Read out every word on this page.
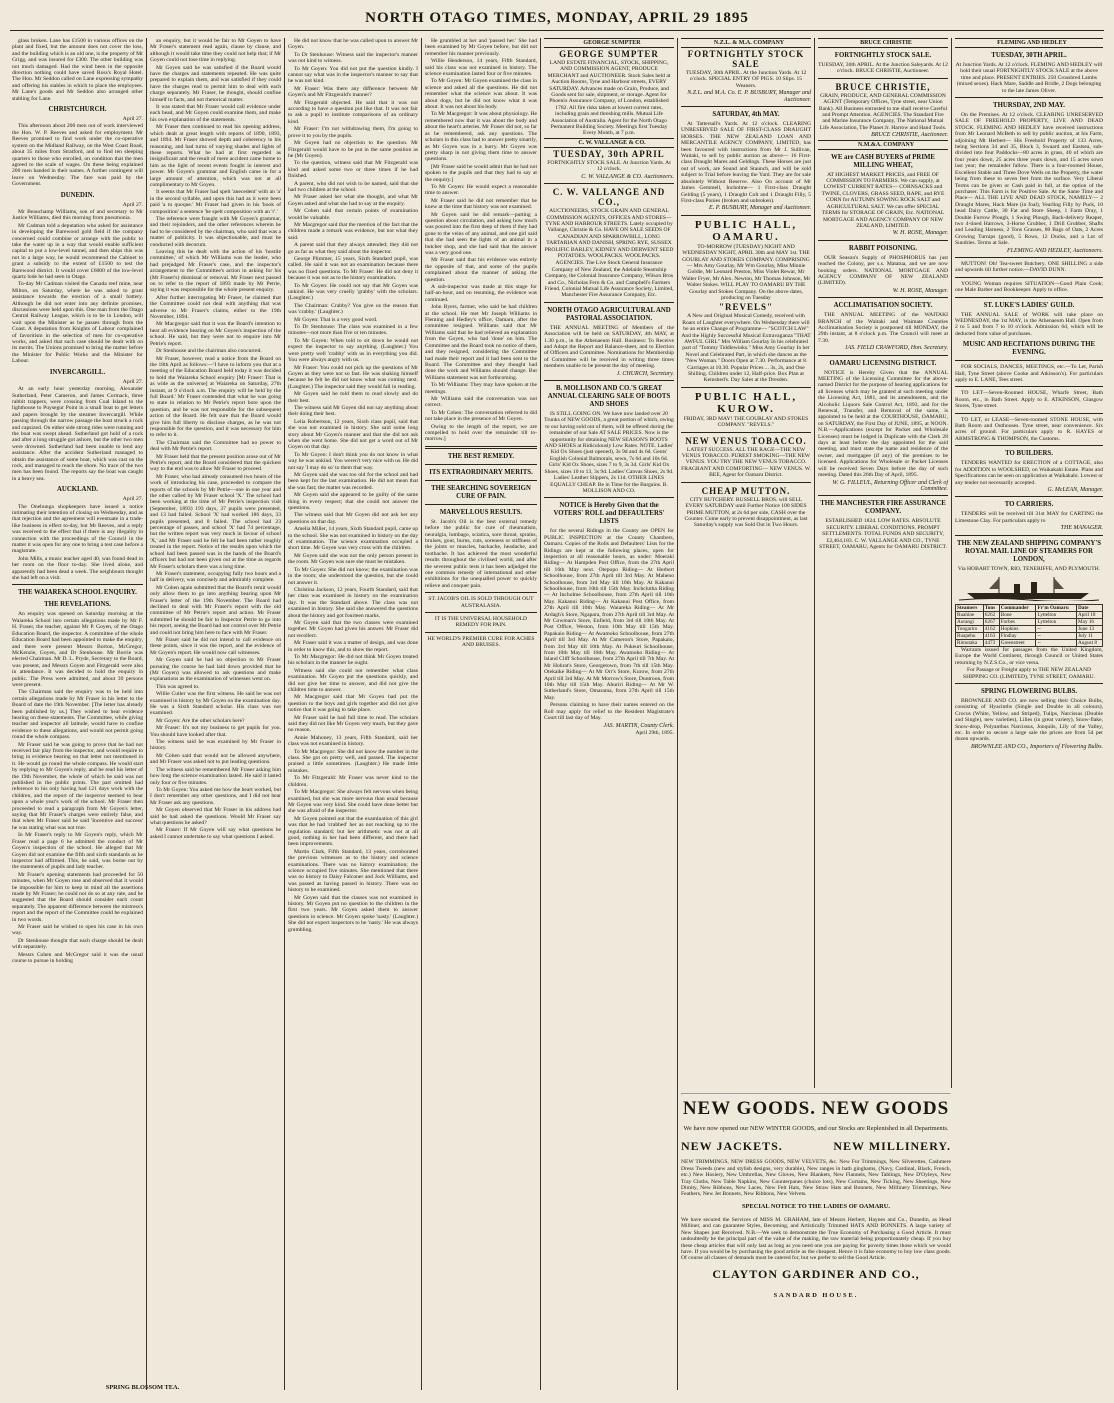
NORTH OTAGO TIMES, MONDAY, APRIL 29 1895

glass broken. Lane has £1500 in various offices on the plant and fixed, but the amount does not cover the loss, and the building which is an old one, is the property of Mr Grigg, and was insured for £300. The other building was not much damaged. Had the wind been in the opposite direction nothing could have saved Ross's Royal Hotel. The Hon. Mr Seddon called on Lane expressing sympathy and offering his stables in which to place the employees. Mr Lane's goods and Mr Seddon also arranged other stabling for Lane.

CHRISTCHURCH.

April 27.

This afternoon about 200 men out of work interviewed the Hon. W. P. Reeves and asked for employment. Mr Reeves promised to find work under the co-operative system on the Midland Railway, on the West Coast Road, about 35 miles from Stratford, and to find ten sleeping quarters to those who enrolled, on condition that the men agreed to the scale of wages. On these being explained 200 men handed in their names. A further contingent will leave on Wednesday. The fare was paid by the Government.

DUNEDIN.

April 27.

Mr Beauchamp Williams, son of and secretary to Mr Justice Williams, died this morning from pneumonia.

Mr Cadman told a deputation who asked for assistance in developing the Barewood gold field if the company concerned could combine or arrange with the public to take the water up in a way that would enable sufficient capital to put a low-level tunnel, and then ships this was not in a large way, he would recommend the Cabinet to grant a subsidy to the extent of £1500 to test the Barewood district. It would cover £6000 of the low-level quartz lode he had seen in Otago.

To-day Mr Cadman visited the Canada reef mine, near Milton, on Saturday, where he was asked to grant assistance towards the erection of a small battery. Although he did not enter into any definite promises, discussions were held upon this. One man from the Otago Central Railway League, which is to be in London, will wait upon the Minister as he passes through from the Coast. A deputation from Knights of Labour complained of favoritism in the selection of men for co-operative works, and asked that such case should be dealt with on its merits. The Unions promised to bring the matter before the Minister for Public Works and the Minister for Labour.

INVERCARGILL.

April 27.

At an early hour yesterday morning, Alexander Sutherland, Peter Cameron, and James Cormack, three rabbit trappers, were crossing from Coal Island to the lighthouse to Puysegur Point in a small boat to get letters and papers brought by the steamer Invercargill. While passing through the narrow passage the boat struck a rock and capsized. On either side strong tides were running and the boat was swept ahead. Sutherland got hold of a rock and after a long struggle got ashore, but the other two men were drowned. Sutherland had been unable to lend any assistance. After the accident Sutherland managed to obtain the assistance of some boat, which was cast on the rock, and managed to reach the shore. No trace of the two men has been found. The reports say the boat was caught in a heavy sea.

AUCKLAND.

April 27.

The Onehunga shopkeepers have issued a notice intimating their intention of closing on Wednesday, and as that rejection and the agreement will eventuate in a trade-like business in effect to-day, but Mr Reeves, and a reply was received to the effect that if there is any illegality in connection with the proceedings of the Council in the matter it was open for any one to bring a test case before a magistrate.

John Mills, a music teacher aged 40, was found dead in her room on the floor to-day. She lived alone, and apparently had been dead a week. The neighbours thought she had left on a visit.

THE WAIAREKA SCHOOL ENQUIRY.

THE REVELATIONS.

An enquiry was opened on Saturday morning at the Waiareka School into certain allegations made by Mr F. H. Fraser, the teacher, against Mr P. Goyen, of the Otago Education Board, the inspector. A committee of the whole Education Board had been appointed to make the enquiry, and there were present Messrs Borton, McGregor, McKenzie, Goyen, and Dr Stenhouse. Mr Borrie was elected Chairman. Mr D. L. Pryde, Secretary to the Board, was present, and Messrs Goyen and Fitzgerald were also in attendance. It was decided to hold the enquiry in public. The Press were admitted, and about 30 persons were present.

The Chairman said the enquiry was to be held into certain allegations made by Mr Fraser in his letter to the Board of date the 19th November. [The letter has already been published by us.] They wished to hear evidence bearing on these statements. The Committee, while giving teacher and inspector all latitude, would have to confine evidence to these allegations, and would not permit going round the whole compass.

Mr Fraser said he was going to prove that he had not received fair play from the inspector, and would require to bring in evidence bearing on that letter not mentioned in it. He would go round the whole compass. He would start by replying to Mr Goyen's reply, and he read his letter of the 19th November, the whole of which he said was not published in the public prints. The part omitted had reference to his only having had 121 days work with the children, and the report of the inspector seemed to bear upon a whole year's work of the school. Mr Fraser then proceeded to read a paragraph from Mr Goyen's letter, saying that Mr Fraser's charges were entirely false, and that when Mr Fraser said he said 'Incentive and success' he was stating what was not true.

In Mr Fraser's reply to Mr Goyen's reply, which Mr Fraser read a page 6 he admitted the conduct of Mr Goyen's inspection of the school. He alleged that Mr Goyen did not examine the fifth and sixth standards as he inspector had affirmed. This, he said, was borne out by the statements of pupils and lady teacher.

Mr Fraser's opening statements had proceeded for 50 minutes, when Mr Goyen rose and observed that it would be impossible for him to keep in mind all the assertions made by Mr Fraser; he could not do so at any rate, and he suggested that the Board should consider each count separately. The apparent difference between the mistress's report and the report of the Committee could be explained in two words.

Mr Fraser said he wished to open his case in his own way.

Dr Stenhouse thought that each charge should be dealt with separately.

Messrs Cohen and McGregor said it was the usual course to pursue in holding

SPRING BLOSSOM TEA.

an enquiry, but it would be fair to Mr Goyen to have Mr Fraser's statement read again, clause by clause, and although it would take time they could not help that; if Mr Goyen could not lose time in replying.

Mr Goyen said he was satisfied if the Board would have the charges and statements repeated. He was quite prepared to explain them, and was satisfied if they could have the charges read to permit him to deal with each charge separately. Mr Fraser, he thought, should confine himself to facts, and not rhetorical matter.

It was stated that Mr Fraser would call evidence under each head, and Mr Goyen could examine them, and make his own explanation of the statements.

Mr Fraser then continued to read his opening address, which dealt at great length with reports of 1890, 1893, and 1894. Mr Fraser showed depth and coherency in his reasoning, and had turns of varying shades and lights of these reports. What he had at first regarded as insignificant and the result of mere accident came home to him as the light of recent events fought in interest and power. Mr Goyen's grammar and English came in for a large amount of attention, which was not at all complimentary to Mr Goyen.

It seems that Mr Fraser had spelt 'anecedent' with an 'a' in the second syllable, and upon this had as it were been paid 'a tu quoque.' Mr Fraser had given in his 'book of composition' a sentence 'he spelt composition with an 'r'.'

The reference were fraught with Mr Goyen's grammar, and their rejoinders, and the other references wherein he had to be considered by the chairman, who said that was a matter of publicity. It was objectionable, and must be conducted with decorum.

Leaving this he dealt with the action of his 'hostile committee,' of which Mr Williams was the leader, who had prejudged Mr Fraser's case, and the inspector's arrangement to the Committee's action in asking for his (Mr Fraser's) dismissal or removal. Mr Fraser next passed on to refer to the report of 1893 made by Mr Petrie, saying it was responsible for the whole present enquiry.

After further interrogating Mr Fraser, he claimed that the Committee could not deal with anything that was adverse to Mr Fraser's claims, either to the 19th November, 1894.

Mr Macgregor said that it was the Board's intention to hear all evidence bearing on Mr Goyen's inspection of the school. He said, but they were not to enquire into Mr Petrie's report.

Dr Stenhouse and the chairman also concurred.

Mr Fraser, however, read a notice from the Board on the 18th April as follows:—'I have to inform you that at a meeting of the Education Board held today it was decided to hold the Waiareka School enquiry [Mr Fraser: That is as wide as the universe] at Waiareka on Saturday, 27th instant, at 9 o'clock a.m. The enquiry will be held by the full Board.' Mr Fraser contended that what he was going to state in relation to Mr Petrie's report bore upon the question, and he was not responsible for the subsequent action of the Board. He felt sure that the Board would give him full liberty to disclose charges, as he was not responsible for the question, and it was necessary for him to refer to it.

The Chairman said the Committee had no power to deal with Mr Petrie's report.

Mr Fraser held that the present position arose out of Mr Petrie's report, and the Board considered that the quickest way to the end was to allow Mr Fraser to proceed.

Mr Fraser, who had already consumed two hours of the work of introducing his case, proceeded to compare the reports of the schools by Mr Petrie—one in one year and the other called by Mr Fraser school 'X.' The school had been working at the time of Mr Petrie's inspection visit (September, 1893) 193 days, 37 pupils were presented, and 13 had failed. School 'X' had worked 186 days, 33 pupils presented, and 8 failed. The school had 23 percentage of passes, and school 'X' had 74 percentage, but the written report was very much in favour of school 'X,' and Mr Fraser said he felt he had been rather roughly treated in the report. Notice of the results upon which the school had been passed was in the hands of the Board's officers but had not been given out at the time as regards Mr Fraser's scholars there was a long time.

Mr Fraser's statement, occupying fully two hours and a half in delivery, was concisely and admirably complete.

Mr Cohen again submitted that the Board's remit would only allow them to go into anything bearing upon Mr Fraser's letter of the 19th November. The Board had declined to deal with Mr Fraser's report with the old committee of Mr Petrie's report and action. Mr Fraser submitted he should be fair to Inspector Petrie to go into his report, seeing the Board had not control over Mr Petrie and could not bring him here to face with Mr Fraser.

Mr Fraser said he did not intend to call evidence on these points, since it was the report, and the evidence of Mr Goyen's report. He would now call witnesses.

Mr Goyen said he had no objection to Mr Fraser pursuing the course he had laid down provided that he (Mr Goyen) was allowed to ask questions and make explanations as the examination of witnesses went on.

This was agreed to.

Willie Cutler was the first witness. He said he was not examined in history by Mr Goyen on the examination day. He was a Sixth Standard scholar. His class was not examined.

Mr Goyen: Are the other scholars here?

Mr Fraser: It's not my business to get pupils for you. You should have looked after that.

The witness said he was examined by Mr Fraser in history.

Mr Cohen said that would not be allowed anywhere, and Mr Fraser was asked not to put leading questions.

The witness said he remembered Mr Fraser asking him how long the science examination lasted. He said it lasted only four or five minutes.

To Mr Goyen: You asked me how the heart worked, but I don't remember any other questions, and I did not hear Mr Fraser ask any questions.

Mr Goyen observed that Mr Fraser in his address had said he had asked the questions. Would Mr Fraser say what questions he asked?

Mr Fraser: If Mr Goyen will say what questions he asked I cannot undertake to say what questions I asked.

He did not know that he was called upon to answer Mr Goyen.

To Dr Stenhouse: Witness said the inspector's manner was not kind to witness.

To Mr Goyen: You did not put the question kindly. I cannot say what was in the inspector's manner to say that he was not kind.

Mr Fraser: Was there any difference between Mr Goyen's and Mr Fitzgerald's manner?

Mr Fitzgerald objected. He said that it was not according to have a question put like that. It was not fair to ask a pupil to institute comparisons of an ordinary kind.

Mr Fraser: I'm not withdrawing them, I'm going to prove it to you by the pupils.

Mr Goyen had no objection to the question. Mr Fitzgerald would have to be put in the same position as he (Mr Goyen).

To the question, witness said that Mr Fitzgerald was kind and asked some two or three times if he had finished.

A parent, who did not wish to be named, said that she had two children at the school.

Mr Fraser asked her what she thought, and what Mr Goyen asked and what she had to say at the enquiry.

Mr Cohen said that certain points of examination would be valuable.

Mr Macgregor said that the mention of the fact that the children made a remark was evidence, but not what they said.

A parent said that they always attended; they did not go as far as what they said about the inspector.

George Plimmer, 15 years, Sixth Standard pupil, was called. He said it was not an examination because there was no fixed questions. To Mr Fraser: He did not deny it because it was not as to the history examination.

To Mr Goyen: He could not say that Mr Goyen was unkind. He was very cruelly 'grabby' with the scholars. (Laughter.)

The Chairman: Crabby? You give us the reason that was 'crabby.' (Laughter.)

Mr Goyen: That is a very good word.

To Dr Stenhouse: The class was examined in a few minutes—not more than five or ten minutes.

To Mr Goyen: When told to sit down he would not expect the inspector to say anything. (Laughter.) You were pretty well 'crabby' with us in everything you did. You were always angry with us.

Mr Fraser: You could not pick up the questions of Mr Goyen as they were not so fast. He was shaking himself because he felt he did not know what was coming next. (Laughter.) The inspector said they would fail in reading.

Mr Goyen said he told them to read slowly and do their best.

The witness said Mr Goyen did not say anything about their doing their best.

Lelia Robertson, 12 years, Sixth class pupil, said that she was not examined in history. She said some long story about Mr Goyen's manner and that she did not ask when she went home. She did not get a word out of Mr Goyen on that day.

To Mr Goyen: I don't think you do not know in what way he was unkind. You weren't very nice with us. He did not say 'I may do so' to them that way.

Mr Goyen said she was too old for the school and had been kept for the last examination. He did not mean that she was fast; the matter was recorded.

Mr Goyen said she appeared to be guilty of the same thing in every respect; that she could not answer the questions.

The witness said that Mr Goyen did not ask her any questions on that day.

Amelia Miller, 14 years, Sixth Standard pupil, came up to the school. She was not examined in history on the day of examination. The science examination occupied a short time. Mr Goyen was very cross with the children.

Mr Goyen said she was not the only person present in the room. Mr Goyen was sure she must be mistaken.

To Mr Goyen: She did not know; the examination was in the room; she understood the question, but she could not answer it.

Christina Jackson, 12 years, Fourth Standard, said that her class was examined in history on the examination day. It was the Standard above. The class was not examined in history. She said she answered the questions about the history and got fourteen marks.

Mr Goyen said that the two classes were examined together. Mr Goyen had given his answer. Mr Fraser did not recollect.

Mr Fraser said it was a matter of design, and was done in order to know this, and to show the report.

To Mr Macgregor: He did not think Mr Goyen treated his scholars in the manner he ought.

Witness said she could not remember what class examination. Mr Goyen put the questions quickly, and did not give her time to answer, and did not give the children time to answer.

Mr Macgregor said that Mr Goyen had put the question to the boys and girls together and did not give notice that it was going to take place.

Mr Fraser said he had full time to read. The scholars said they did not like Mr Goyen very much, but they gave no reason.

Annie Mahoney, 13 years, Fifth Standard, said her class was not examined in history.

To Mr Macgregor: She did not know the number in the class. She got on pretty well, and passed. The inspector praised a little sometimes. (Laughter.) He made little mistakes.

To Mr Fitzgerald: Mr Fraser was never kind to the children.

To Mr Macgregor: She always felt nervous when being examined, but she was more nervous than usual because Mr Goyen was very kind. She could have done better but she was afraid of the inspector.

Mr Goyen pointed out that the examination of this girl was that he had 'crabbed' her as not reaching up to the regulation standard; but her arithmetic was not at all good, nothing in her had been different, and there had been improvements.

Martin Clark, Fifth Standard, 13 years, corroborated the previous witnesses as to the history and science examinations. There was no history examination; the science occupied five minutes. She mentioned that there was no history to Daisy Falconer and Jock Williams, and was passed as having passed in history. There was no history to be examined.

Mr Goyen said that the classes was not examined in history. Mr Goyen put no question to the children in the first two years. Mr Goyen asked them to answer questions in science. Mr Goyen spoke 'nasty.' (Laughter.) She did not expect inspectors to be 'nasty.' He was always grumbling.

He grumbled at her and 'passed her.' She had been examined by Mr Goyen before, but did not remember his manner previously.

Willie Henderson, 14 years, Fifth Standard, said his class was not examined in history. The science examination lasted four or five minutes.

To Mr Goyen: Mr Goyen examined the class in science and asked all the questions. He did not remember what the science was about. It was about dogs, but he did not know what it was about. It was not about his body.

To Mr Macgregor: It was about physiology. He remembered now that it was about the body and about the heart's arteries. Mr Fraser did not, so far as he remembered, ask any questions. The scholars in this class had to answer pretty smartly, as Mr Goyen was in a hurry. Mr Goyen was pretty sharp in not giving them time to answer questions.

[Mr Fraser said he would admit that he had not spoken to the pupils and that they had to say at the enquiry.]

To Mr Goyen: He would expect a reasonable time to answer.

Mr Fraser said he did not remember that he knew at the time that history was not examined.

Mr Goyen said he did remark—putting a question about circulation, and asking how much was poured into the first deep of them if they had gone to the veins of any animal, and one girl said that she had seen the lights of an animal in a butcher shop, and she had said that the answer was a very good one.

Mr Fraser said that his evidence was entirely the opposite of that, and some of the pupils complained about the manner of asking the question.

A sub-inspector was made at this stage for half-an-hour, and on resuming, the evidence was continued.

John Byers, farmer, who said he had children at the school. He met Mr Joseph Williams in Fleming and Hedley's office, Oamaru, after the committee resigned. Williams said that Mr Williams said that he had relieved an explanation from the Goyen, who had 'done' on him. The Committee and the Board took no notice of them, and they resigned, considering the Committee had made their report and it had been sent to the Board. The Committee and they thought had done the work and Williams should change. But Williams statement was not forthcoming.

To Mr Williams: They may have spoken at the meetings.

Mr Williams said the conversation was not correct.

To Mr Cohen: The conversation referred to did not take place in the presence of Mr Goyen.

Owing to the length of the report, we are compelled to hold over the remainder till to-morrow.]

THE BEST REMEDY.

ITS EXTRAORDINARY MERITS.

THE SEARCHING SOVEREIGN CURE OF PAIN.

MARVELLOUS RESULTS.

St. Jacob's Oil is the best external remedy before the public for cure of rheumatism, neuralgia, lumbago, sciatica, sore throat, sprains, bruises, gout, burns, cuts, soreness or stiffness of the joints or muscles, backache, headache, and toothache. It has achieved the most wonderful results throughout the civilised world, and after the severest public tests it has been adjudged the one common remedy of international and other exhibitions for the unequalled power to quickly relieve and conquer pain.

ST. JACOB'S OIL IS SOLD THROUGH OUT AUSTRALASIA.

IT IS THE UNIVERSAL HOUSEHOLD REMEDY FOR PAIN.

HE WORLD'S PREMIER CURE FOR ACHES AND BRUISES.

GEORGE SUMPTER

GEORGE SUMPTER

LAND ESTATE FINANCIAL, STOCK, SHIPPING, AND COMMISSION AGENT, PRODUCE MERCHANT and AUCTIONEER. Stock Sales held at Auction Rooms, Tyne and Harbour streets, EVERY SATURDAY. Advances made on Grain, Produce, and Goods sent for sale, shipment, or storage. Agent for Phoenix Assurance Company, of London, established 1782. All fire risks taken at lowest current rates, including grain and threshing mills. Mutual Life Association of Australia. Agent for the North Otago Permanent Building Society. Meetings first Tuesday Every Month, at 7 p.m.

C. W. VALLANGE & CO.

TUESDAY, 30th APRIL

FORTNIGHTLY STOCK SALE. At Junction Yards. At 12 o'clock.

C. W. VALLANGE & CO. Auctioneers.

C. W. VALLANGE AND CO.,

AUCTIONEERS, STOCK GRAIN AND GENERAL COMMISSION AGENTS, OFFICES AND STORES— TYNE AND HARBOUR STREETS. Lately occupied by Vallange, Christie & Co. HAVE ON SALE SEEDS OF CANADIAN AND SPARROWBILL, LONG TARTARIAN AND DANISH, SPRING RYE, SUSSEX PROLIFIC BARLEY, KIDNEY AND DERWENT SEED POTATOES. WOOLPACKS. WOOLPACKS.

AGENCIES. The Live Stock General Insurance Company of New Zealand, the Adelaide Steamship Company, the Colonial Insurance Company, Wilson Bros and Co., Nicholas Fern & Co. and Campbell's Farmers Friend, Colonial Mutual Life Assurance Society, Limited, Manchester Fire Assurance Company, Etc.

NORTH OTAGO AGRICULTURAL AND PASTORAL ASSOCIATION.

THE ANNUAL MEETING of Members of the Association will be held on SATURDAY, 4th MAY, at 1.30 p.m., in the Athenaeum Hall. Business: To Receive and Adopt the Report and Balance-sheet, and to Election of Officers and Committee. Nominations for Membership of Committee will be received in writing three times members unable to be present the day of meeting.

J. CHURCH, Secretary.

B. MOLLISON AND CO.'S GREAT ANNUAL CLEARING SALE OF BOOTS AND SHOES

IS STILL GOING ON. We have now landed over 20 Trunks of NEW GOODS, a great portion of which, owing to our having sold out of them, will be offered during the remainder of our Sale AT SALE PRICES. Now is the opportunity for obtaining NEW SEASON'S BOOTS AND SHOES at Ridiculously Low Rates. NOTE. Ladies' Kid Ox Shoes (just opened), 3s 9d and 4s 6d. Gents' English Colonial Balmorals, sewn, 7s 6d and 10s 6d. Girls' Kid Ox Shoes, sizes 7 to 9, 3s 3d. Girls' Kid Ox Shoes, sizes 10 to 13, 3s 9d. Ladies' Canvas Shoes, 2s 9d. Ladies' Leather Slippers, 2s 11d. OTHER LINES EQUALLY CHEAP. Be in Time for the Bargains. B. MOLLISON AND CO.

NOTICE is Hereby Given that the VOTERS' ROLL and DEFAULTERS' LISTS

for the several Ridings in the County are OPEN for PUBLIC INSPECTION at the County Chambers, Oamaru. Copies of the Rolls and Defaulters' Lists for the Ridings are kept at the following places, open for inspection at all reasonable hours, as under: Moeraki Riding— At Hampden Post Office, from the 27th April till 16th May next. Otepopo Riding— At Herbert Schoolhouse, from 27th April till 3rd May. At Maheno Schoolhouse, from 3rd May till 10th May. At Kakanui Schoolhouse, from 10th till 15th May. Inchclutha Riding— At Incholme Schoolhouse, from 27th April till 10th May. Kakanui Riding— At Kakanui Post Office, from 27th April till 10th May. Waiareka Riding— At Mr Ardagh's Store, Ngapara, from 27th April till 3rd May. At Mr Cowman's Store, Enfield, from 3rd till 10th May. At Post Office, Weston, from 10th May till 15th May. Papakaio Riding— At Awamoko Schoolhouse, from 27th April till 3rd May. At Mr Cameron's Store, Papakaio, from 3rd May till 10th May. At Pukeuri Schoolhouse, from 10th May till 16th May. Awamoko Riding— At Island Cliff Schoolhouse, from 27th April till 7th May. At Mr Hohrat's Store, Georgetown, from 7th till 15th May. Otekaike Riding— At Mr Orr's Store, Kurow, from 27th April till 3rd May. At Mr Morrow's Store, Duntroon, from 10th May till 15th May. Ahuriri Riding— At Mr W. Sutherland's Store, Omarama, from 27th April till 15th May.

Persons claiming to have their names entered on the Roll may apply for relief to the Resident Magistrate's Court till last day of May.

JAS. MARTIN, County Clerk.

April 29th, 1895.

N.Z.L. & M.A. COMPANY

FORTNIGHTLY STOCK SALE

TUESDAY, 30th APRIL. At the Junction Yards. At 12 o'clock. SPECIAL ENTRY OF PIGS. 10 Slips. 15 Weaners.

N.Z.L. and M.A. Co. E. P. BUSBURY, Manager and Auctioneer.

SATURDAY, 4th MAY.

At Tattersall's Yards. At 12 o'clock. CLEARING UNRESERVED SALE OF FIRST-CLASS DRAUGHT HORSES. THE NEW ZEALAND LOAN AND MERCANTILE AGENCY COMPANY, LIMITED, has been favoured with instructions from Mr J. Sullivan, Waitaki, to sell by public auction as above— 16 First-class Draught Mares and Geldings. These Horses are just out of work, are Sound and Staunch, and will be sold subject to Trial before leaving the Yard. They are for sale absolutely Without Reserve. Also On account of Mr James Gemmell, Incholme— 1 First-class Draught Gelding (5 years), 1 Draught Colt and 1 Draught Filly, 5 First-class Ponies (broken and unbroken).

E. P. BUSBURY, Manager and Auctioneer.

PUBLIC HALL, OAMARU.

TO-MORROW (TUESDAY) NIGHT AND WEDNESDAY NIGHT, APRIL 30th and MAY 1st. THE GOURLAY AND STOKES COMPANY. COMPRISING— Mrs Amy Gourlay, Mr Wm Gourlay, Miss Minnie Goldie, Mr Leonard Preston, Miss Violet Rewar, Mr Walter Fryer, Mr Alex. Newton, Mr Thomas Johnson, Mr Walter Stokes. WILL PLAY TO OAMARU BY THE Gourlay and Stokes Company. On the above dates, producing on Tuesday

"REVELS"

A New and Original Musical Comedy, received with Roars of Laughter everywhere. On Wednesday there will be an entire Change of Programme— "SCOTCH LAW" And the Highly Successful Musical Extravaganza "THAT AWFUL GIRL" Mrs William Gourlay In his celebrated part of "Tommy Tiddlewinks." Miss Amy Gourlay In her Novel and Celebrated Part, in which she dances as the "New Woman." Doors Open at 7.30. Performance at 8. Carriages at 10.30. Popular Prices ... 3s, 2s, and One Shilling. Children under 12, Half-price. Box Plan at Kemshed's. Day Sales at the Dresden.

PUBLIC HALL, KUROW.

FRIDAY, 3RD MAY! THE GOURLAY AND STOKES COMPANY. "REVELS."

NEW VENUS TOBACCO.

LATEST SUCCESS. ALL THE RAGE—THE NEW VENUS TOBACCO. PUREST SMOKING—THE NEW VENUS. YOU TRY THE NEW VENUS TOBACCO. FRAGRANT AND COMFORTING— NEW VENUS. W. BEE, Agent for Oamaru District.

CHEAP MUTTON.

CITY BUTCHERY. RUSSELL BROS. will SELL EVERY SATURDAY until Further Notice 100 SIDES PRIME MUTTON, at 2s 6d per side, CASH over the Counter. Come early to prevent disappointment, as last Saturday's supply was Sold Out in Two Hours.

BRUCE CHRISTIE

FORTNIGHTLY STOCK SALE.

TUESDAY, 30th APRIL. At the Junction Saleyards. At 12 o'clock. BRUCE CHRISTIE, Auctioneer.

BRUCE CHRISTIE,

GRAIN, PRODUCE, AND GENERAL COMMISSION AGENT (Temporary Offices, Tyne street, near Union Bank). All Business entrusted to me shall receive Careful and Prompt Attention. AGENCIES. The Standard Fire and Marine Insurance Company, The National Mutual Life Association, The Planet Jr. Harrow and Hand Tools.

BRUCE CHRISTIE, Auctioneer.

N.M.&A. COMPANY

WE are CASH BUYERS of PRIME MILLING WHEAT,

AT HIGHEST MARKET PRICES, and FREE OF COMMISSION TO FARMERS. We can supply, at LOWEST CURRENT RATES— CORNSACKS and TWINE, CLOVERS, GRASS SEED, RAPE, and RYE CORN for AUTUMN SOWING ROCK SALT and AGRICULTURAL SALT. We can offer SPECIAL TERMS for STORAGE OF GRAIN, Etc. NATIONAL MORTGAGE AND AGENCY COMPANY OF NEW ZEALAND, LIMITED.

W. H. ROSE, Manager.

RABBIT POISONING.

OUR Season's Supply of PHOSPHORUS has just reached the Colony, per s.s. Matatua, and we are now booking orders. NATIONAL MORTGAGE AND AGENCY COMPANY OF NEW ZEALAND (LIMITED).

W. H. ROSE, Manager.

ACCLIMATISATION SOCIETY.

THE ANNUAL MEETING of the WAITAKI BRANCH of the Waitaki and Waimate Counties Acclimatisation Society is postponed till MONDAY, the 29th instant, at 8 o'clock p.m. The Council will meet at 7.30.

JAS. FIELD CRAWFORD, Hon. Secretary.

OAMARU LICENSING DISTRICT.

NOTICE is Hereby Given that the ANNUAL MEETING of the Licensing Committee for the above-named District for the purpose of hearing applications for all licenses which may be granted at such meeting under the Licensing Act, 1881, and its amendments, and the Alcoholic Liquors Sale Control Act, 1893, and for the Renewal, Transfer, and Removal of the same, is appointed to be held at the COURTHOUSE, OAMARU, on SATURDAY, the First Day of JUNE, 1895, at NOON. N.B.—Applications (except for Packet and Wholesale Licenses) must be lodged in Duplicate with the Clerk 28 days at least before the day appointed for the said meeting, and must state the name and residence of the owner, and mortgagee (if any) of the premises to be licensed. Applications for Wholesale or Packet Licenses will be received Seven Days before the day of such meeting. Dated this 26th Day of April, 1895.

W. G. FILLEUL, Returning Officer and Clerk of Committee.

THE MANCHESTER FIRE ASSURANCE COMPANY.

ESTABLISHED 1824. LOW RATES. ABSOLUTE SECURITY. LIBERAL CONDITIONS. PROMPT SETTLEMENTS. TOTAL FUNDS AND SECURITY, £2,464,183. C. W. VALLANGE AND CO., TYNE STREET, OAMARU, Agents for OAMARU DISTRICT.

FLEMING AND HEDLEY

TUESDAY, 30TH APRIL.

At Junction Yards. At 12 o'clock. FLEMING AND HEDLEY will hold their usual FORTNIGHTLY STOCK SALE at the above time and place. PRESENT ENTRIES. 250 Crossbred Lambs (mixed sexes). Hack Mare, Saddle and Bridle, 2 Dogs belonging to the late James Oliver.

THURSDAY, 2ND MAY.

On the Premises. At 12 o'clock. CLEARING UNRESERVED SALE OF FREEHOLD PROPERTY, LIVE AND DEAD STOCK. FLEMING AND HEDLEY have received instructions from Mr Leonard McBeth to sell by public auction, at his Farm, adjoining Mt Herbert— His Freehold Property of 133 Acres, being Sections 34 and 35, Block 3, Swaard and Eastsea, sub-divided into four Paddocks—80 acres in grass, 40 of which are four years down, 25 acres three years down, and 15 acres sown last year; the remainder fallow. There is a four-roomed House, Excellent Stable and Three Dove Wells on the Property, the water being from these to seven feet from the surface. Very Liberal Terms can be given or Cash paid in full, at the option of the purchaser. This Farm is for Positive Sale. At the Same Time and Place— ALL THE LIVE AND DEAD STOCK, NAMELY— 2 Draught Mares, Hack Mare (in foal), Yearling Filly by Puck, 10 head Dairy Cattle, 30 Fat and Store Sheep, 1 Farm Dray, 1 Double Furrow Plough, 1 Swing Plough, Back-delivery Reaper, two 4-tined Harrows, 3-Horse Grubber, 1 Drill Grubber, Shafts and Leading Harness, 2 Tons Grasses, 80 Bags of Oats, 2 Acres Growing Turnips (good), 5 Rows, 12 Ducks, and a Lot of Sundries. Terms at Sale.

FLEMING AND HEDLEY, Auctioneers.

MUTTON! Oh! Tea-sweet Butchery. ONE SHILLING a side and upwards till further notice.—DAVID DUNN.

YOUNG Woman requires SITUATION—Good Plain Cook; one Male Barber and Bookkeeper. Apply to office.

ST. LUKE'S LADIES' GUILD.

THE ANNUAL SALE of WORK will take place on WEDNESDAY, the 1st MAY, in the Athenaeum Hall. Open from 2 to 5 and from 7 to 10 o'clock. Admission 6d, which will be deducted from value of purchases.

MUSIC AND RECITATIONS DURING THE EVENING.

FOR SOCIALS, DANCES, MEETINGS, etc.—To Let, Parish Hall, Tyne Street (above Cooke and Atkinson's). For particulars apply to E. LANE, Tees street.

TO LET—Seven-Roomed HOUSE, Wharfe Street, Bath Room, etc., in Bath Street. Apply to E. ATKINSON, Glasgow Stores, Tyne street.

TO LET, or LEASE—Seven-roomed STONE HOUSE, with Bath Room and Outhouses. Tyne street, near convenience. Six acres of ground. For particulars apply to R. HAYES or ARMSTRONG & THOMPSON, the Customs.

TO BUILDERS.

TENDERS WANTED for ERECTION of a COTTAGE, also for ADDITION to WOOLSHED, on Waikakahi Estate. Plans and Specifications can be seen on application at Waikakahi. Lowest or any tender not necessarily accepted.

G. McLEAN, Manager.

TO CARRIERS.

TENDERS will be received till 31st MAY for CARTING the Limestone Clay. For particulars apply to

THE MANAGER.

THE NEW ZEALAND SHIPPING COMPANY'S ROYAL MAIL LINE OF STEAMERS FOR LONDON,

Via HOBART TOWN, RIO, TENERIFFE, AND PLYMOUTH.

Steamers	Tons	Commander	Fr'm Oamaru	Date
Ruahine	6262	Bone	Lyttelton	April 18
Aorangi	6267	Forbes	Lyttelton	May 16
Tongariro	4162	Hopkins	--	June 13
Ruapehu	4163	Findlay	--	July 11
Rimutaka	4473	Greenstreet	--	August 8

Warrants issued for passages from the United Kingdom, Europe the World Continent, through Council or United States returning by N.Z.S.Co., or vice versa.

For Passage or Freight apply to THE NEW ZEALAND SHIPPING CO. (LIMITED), TYNE STREET, OAMARU.

SPRING FLOWERING BULBS.

BROWNLEE AND CO. are now selling their Choice Bulbs, consisting of Hyacinths (Single and Double in all colours), Crocus (White, Yellow, and Striped), Tulips, Narcissus (Double and Single), new varieties), Lilies (in great variety), Snow-flake, Snow-drop, Polyanthus Narcissus, Jonquils, Lily of the Valley, etc. In order to secure a large sale the prices are from 5d per dozen upwards.

BROWNLEE AND CO., Importers of Flowering Bulbs.

NEW GOODS. NEW GOODS

We have now opened our NEW WINTER GOODS, and our Stocks are Replenished in all Departments.

NEW JACKETS.	NEW MILLINERY.

NEW TRIMMINGS, NEW DRESS GOODS, NEW VELVETS, &c. New Fur Trimmings, New Silverettes, Cashmere Dress Tweeds (new and stylish designs, very durable), New ranges in bath ginghams, (Navy, Cardinal, Black, French, etc.) New Hosiery, New Umbrellas, New Gloves, New Blankets, New Flannels, New Tablings, New D'Oyleys, New Tray Cloths, New Table Napkins, New Counterpanes (choice lots), New Curtains, New Ticking, New Sheetings, New Dimity, New Ribbons, New Laces, New Felt Hats, New Straw Hats and Bonnets, New Millinery Trimmings, New Feathers, New Jet Bonnets, New Ribbons, New Velvets.

SPECIAL NOTICE TO THE LADIES OF OAMARU.

We have secured the Services of MISS M. GRAHAM, late of Messrs Herbert, Haynes and Co., Dunedin, as Head Milliner, and can guarantee Styles, Becoming, and Artistically Trimmed HATS AND BONNETS. A large variety of New Shapes just Received. N.B.—We seek to demonstrate the True Economy of Purchasing a Good Article. It must undoubtedly be the principal part of the value of the making, the raw material being proportionately cheap. If you buy these cheap articles that will only last as long as you need one you are paying for poverty times those which we would have. If you would be by purchasing the good article as the cheapest. Hence it is false economy to buy low class goods. Of course all classes of demands must be catered for, but we prefer to sell the Good Article.

CLAYTON GARDINER AND CO.,

SANDARD HOUSE.
